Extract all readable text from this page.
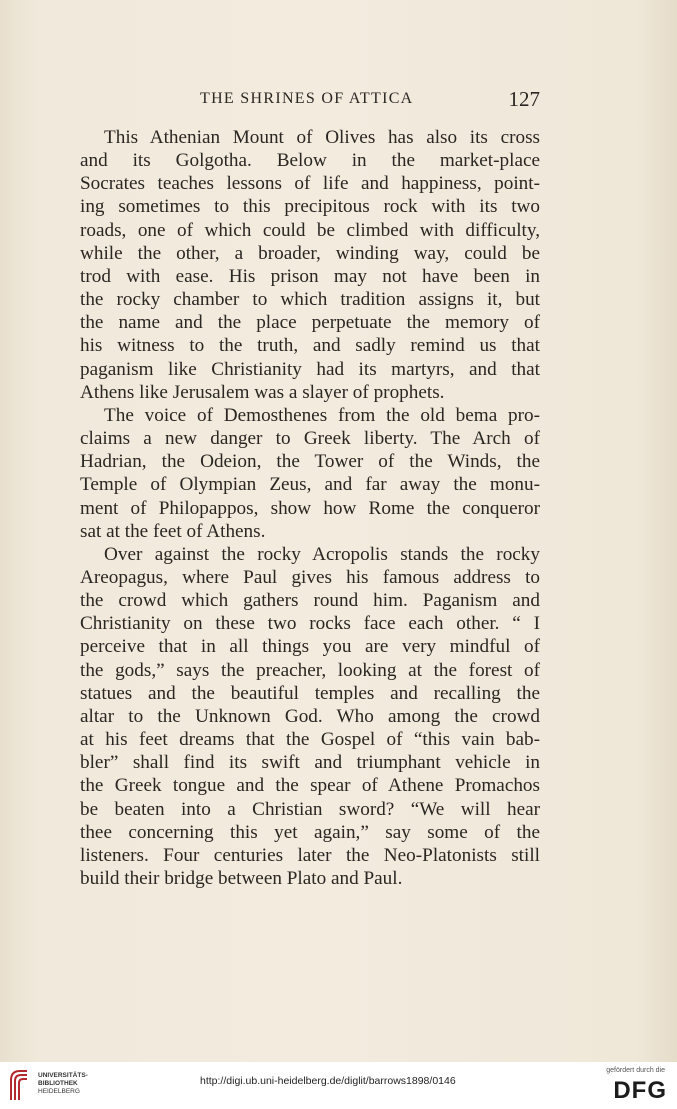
THE SHRINES OF ATTICA	127

This Athenian Mount of Olives has also its cross
and its Golgotha. Below in the market-place
Socrates teaches lessons of life and happiness, point-
ing sometimes to this precipitous rock with its two
roads, one of which could be climbed with difficulty,
while the other, a broader, winding way, could be
trod with ease. His prison may not have been in
the rocky chamber to which tradition assigns it, but
the name and the place perpetuate the memory of
his witness to the truth, and sadly remind us that
paganism like Christianity had its martyrs, and that
Athens like Jerusalem was a slayer of prophets.

The voice of Demosthenes from the old bema pro-
claims a new danger to Greek liberty. The Arch of
Hadrian, the Odeion, the Tower of the Winds, the
Temple of Olympian Zeus, and far away the monu-
ment of Philopappos, show how Rome the conqueror
sat at the feet of Athens.

Over against the rocky Acropolis stands the rocky
Areopagus, where Paul gives his famous address to
the crowd which gathers round him. Paganism and
Christianity on these two rocks face each other. “ I
perceive that in all things you are very mindful of
the gods,” says the preacher, looking at the forest of
statues and the beautiful temples and recalling the
altar to the Unknown God. Who among the crowd
at his feet dreams that the Gospel of “this vain bab-
bler” shall find its swift and triumphant vehicle in
the Greek tongue and the spear of Athene Promachos
be beaten into a Christian sword? “We will hear
thee concerning this yet again,” say some of the
listeners. Four centuries later the Neo-Platonists still
build their bridge between Plato and Paul.

UNIVERSITÄTS-
BIBLIOTHEK
HEIDELBERG
http://digi.ub.uni-heidelberg.de/diglit/barrows1898/0146
gefördert durch die
DFG
